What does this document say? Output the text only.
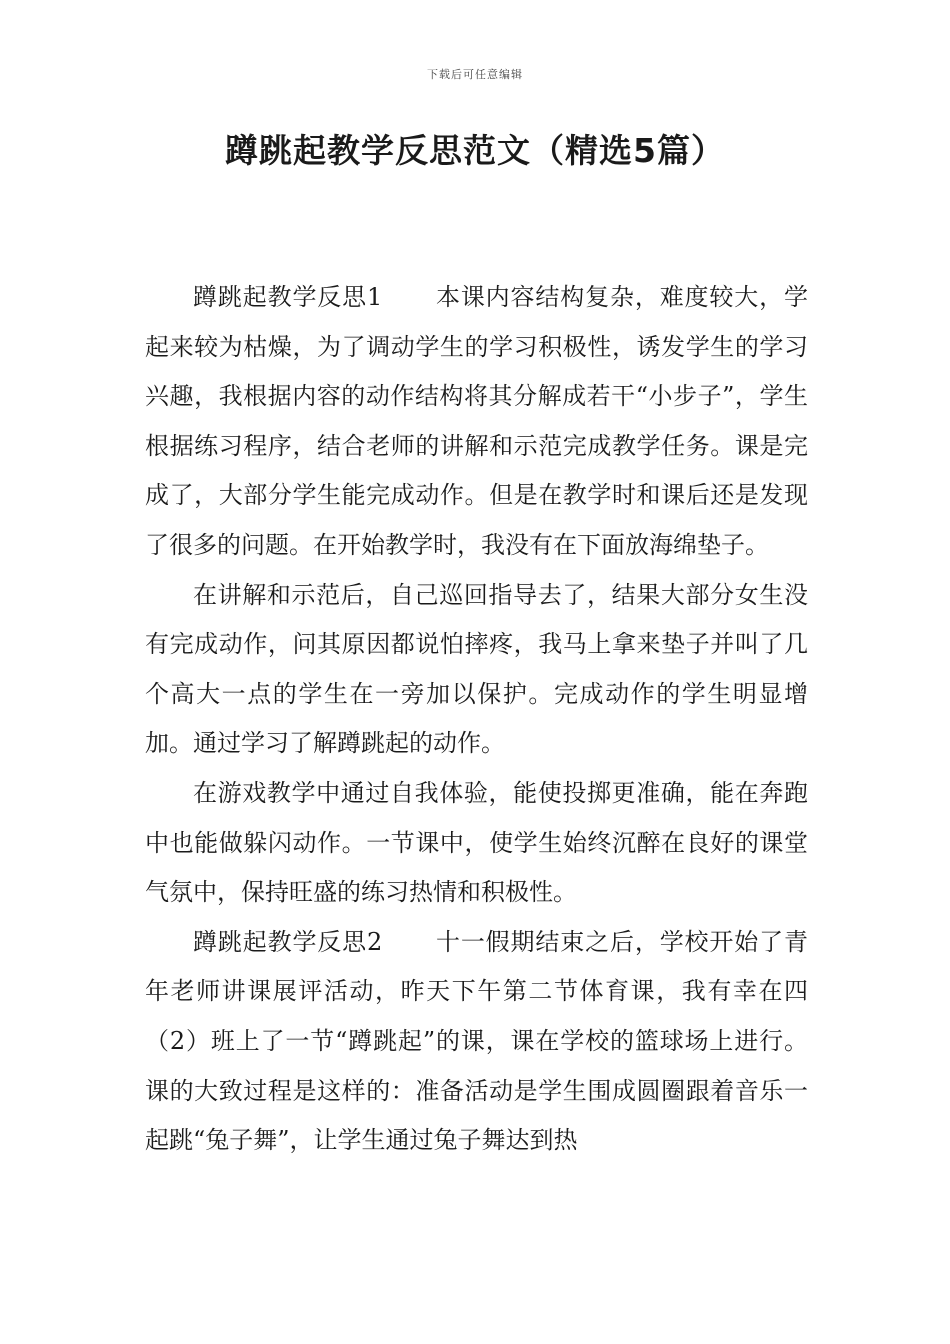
下载后可任意编辑
蹲跳起教学反思范文（精选5篇）

蹲跳起教学反思1 本课内容结构复杂，难度较大，学起来较为枯燥，为了调动学生的学习积极性，诱发学生的学习兴趣，我根据内容的动作结构将其分解成若干“小步子”，学生根据练习程序，结合老师的讲解和示范完成教学任务。课是完成了，大部分学生能完成动作。但是在教学时和课后还是发现了很多的问题。在开始教学时，我没有在下面放海绵垫子。

在讲解和示范后，自己巡回指导去了，结果大部分女生没有完成动作，问其原因都说怕摔疼，我马上拿来垫子并叫了几个高大一点的学生在一旁加以保护。完成动作的学生明显增加。通过学习了解蹲跳起的动作。

在游戏教学中通过自我体验，能使投掷更准确，能在奔跑中也能做躲闪动作。一节课中，使学生始终沉醉在良好的课堂气氛中，保持旺盛的练习热情和积极性。

蹲跳起教学反思2 十一假期结束之后，学校开始了青年老师讲课展评活动，昨天下午第二节体育课，我有幸在四（2）班上了一节“蹲跳起”的课，课在学校的篮球场上进行。课的大致过程是这样的：准备活动是学生围成圆圈跟着音乐一起跳“兔子舞”，让学生通过兔子舞达到热
